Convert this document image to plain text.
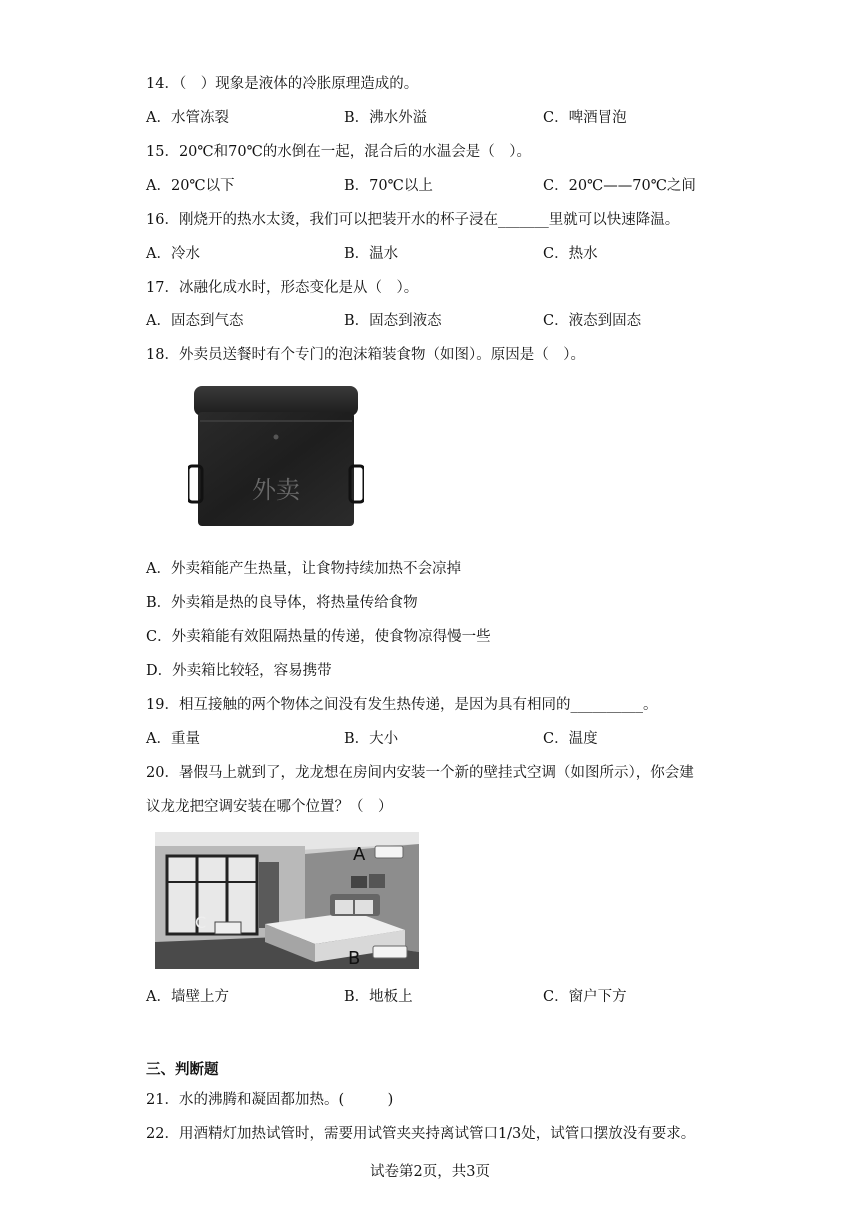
14．（　）现象是液体的冷胀原理造成的。
A．水管冻裂	B．沸水外溢	C．啤酒冒泡
15．20℃和70℃的水倒在一起，混合后的水温会是（　）。
A．20℃以下	B．70℃以上	C．20℃——70℃之间
16．刚烧开的热水太烫，我们可以把装开水的杯子浸在_______里就可以快速降温。
A．冷水	B．温水	C．热水
17．冰融化成水时，形态变化是从（　）。
A．固态到气态	B．固态到液态	C．液态到固态
18．外卖员送餐时有个专门的泡沫箱装食物（如图）。原因是（　）。
外卖
A．外卖箱能产生热量，让食物持续加热不会凉掉
B．外卖箱是热的良导体，将热量传给食物
C．外卖箱能有效阻隔热量的传递，使食物凉得慢一些
D．外卖箱比较轻，容易携带
19．相互接触的两个物体之间没有发生热传递，是因为具有相同的__________。
A．重量	B．大小	C．温度
20．暑假马上就到了，龙龙想在房间内安装一个新的壁挂式空调（如图所示），你会建
议龙龙把空调安装在哪个位置？（　）
A
B
C
A．墙壁上方	B．地板上	C．窗户下方
三、判断题
21．水的沸腾和凝固都加热。(　　　)
22．用酒精灯加热试管时，需要用试管夹夹持离试管口1/3处，试管口摆放没有要求。
试卷第2页，共3页
